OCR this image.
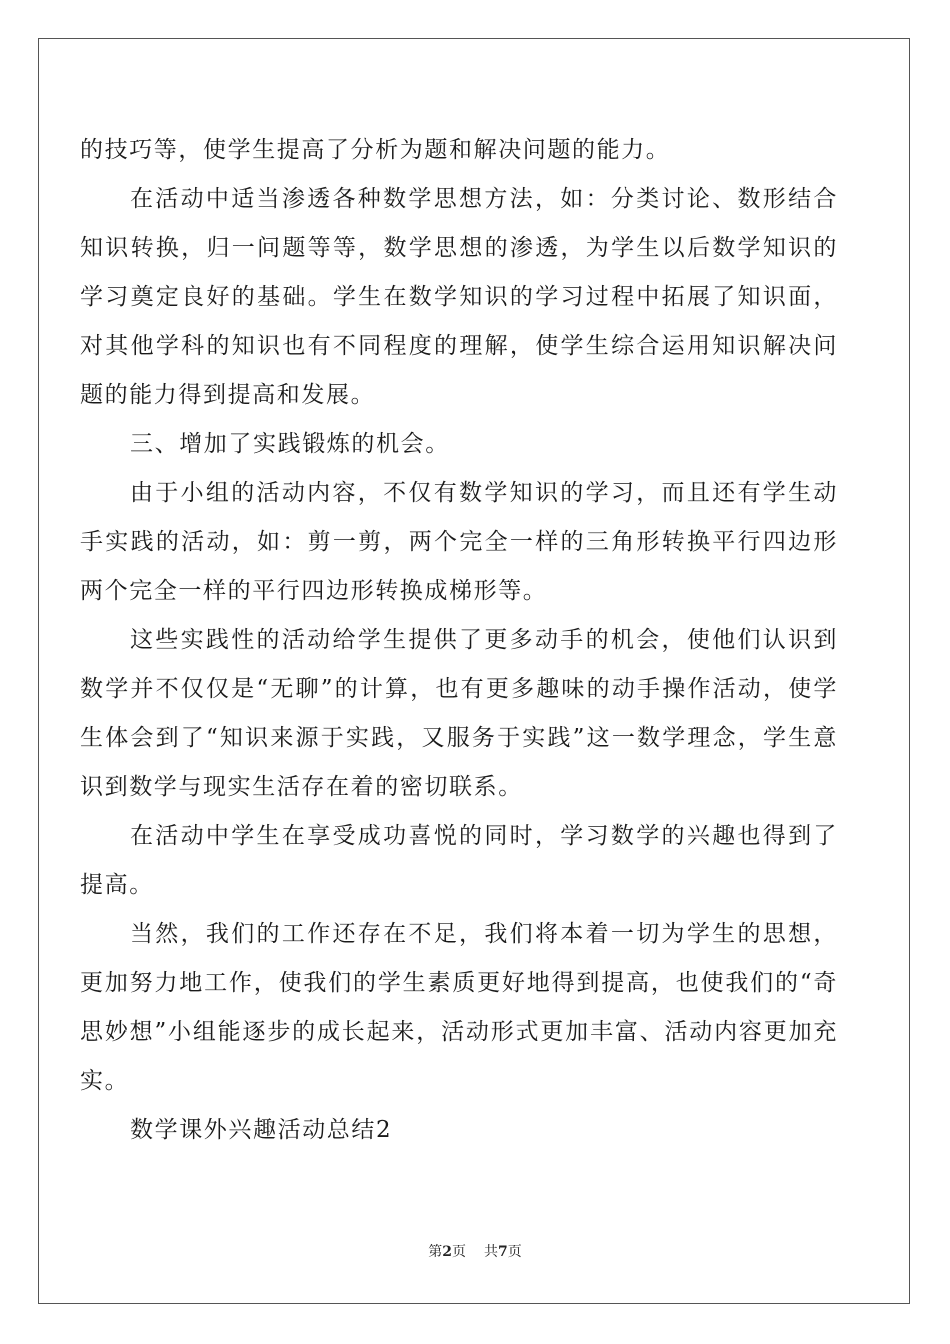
的技巧等，使学生提高了分析为题和解决问题的能力。

在活动中适当渗透各种数学思想方法，如：分类讨论、数形结合知识转换，归一问题等等，数学思想的渗透，为学生以后数学知识的学习奠定良好的基础。学生在数学知识的学习过程中拓展了知识面，对其他学科的知识也有不同程度的理解，使学生综合运用知识解决问题的能力得到提高和发展。

三、增加了实践锻炼的机会。

由于小组的活动内容，不仅有数学知识的学习，而且还有学生动手实践的活动，如：剪一剪，两个完全一样的三角形转换平行四边形两个完全一样的平行四边形转换成梯形等。

这些实践性的活动给学生提供了更多动手的机会，使他们认识到数学并不仅仅是“无聊”的计算，也有更多趣味的动手操作活动，使学生体会到了“知识来源于实践，又服务于实践”这一数学理念，学生意识到数学与现实生活存在着的密切联系。

在活动中学生在享受成功喜悦的同时，学习数学的兴趣也得到了提高。

当然，我们的工作还存在不足，我们将本着一切为学生的思想，更加努力地工作，使我们的学生素质更好地得到提高，也使我们的“奇思妙想”小组能逐步的成长起来，活动形式更加丰富、活动内容更加充实。

数学课外兴趣活动总结2

第2页 共7页
